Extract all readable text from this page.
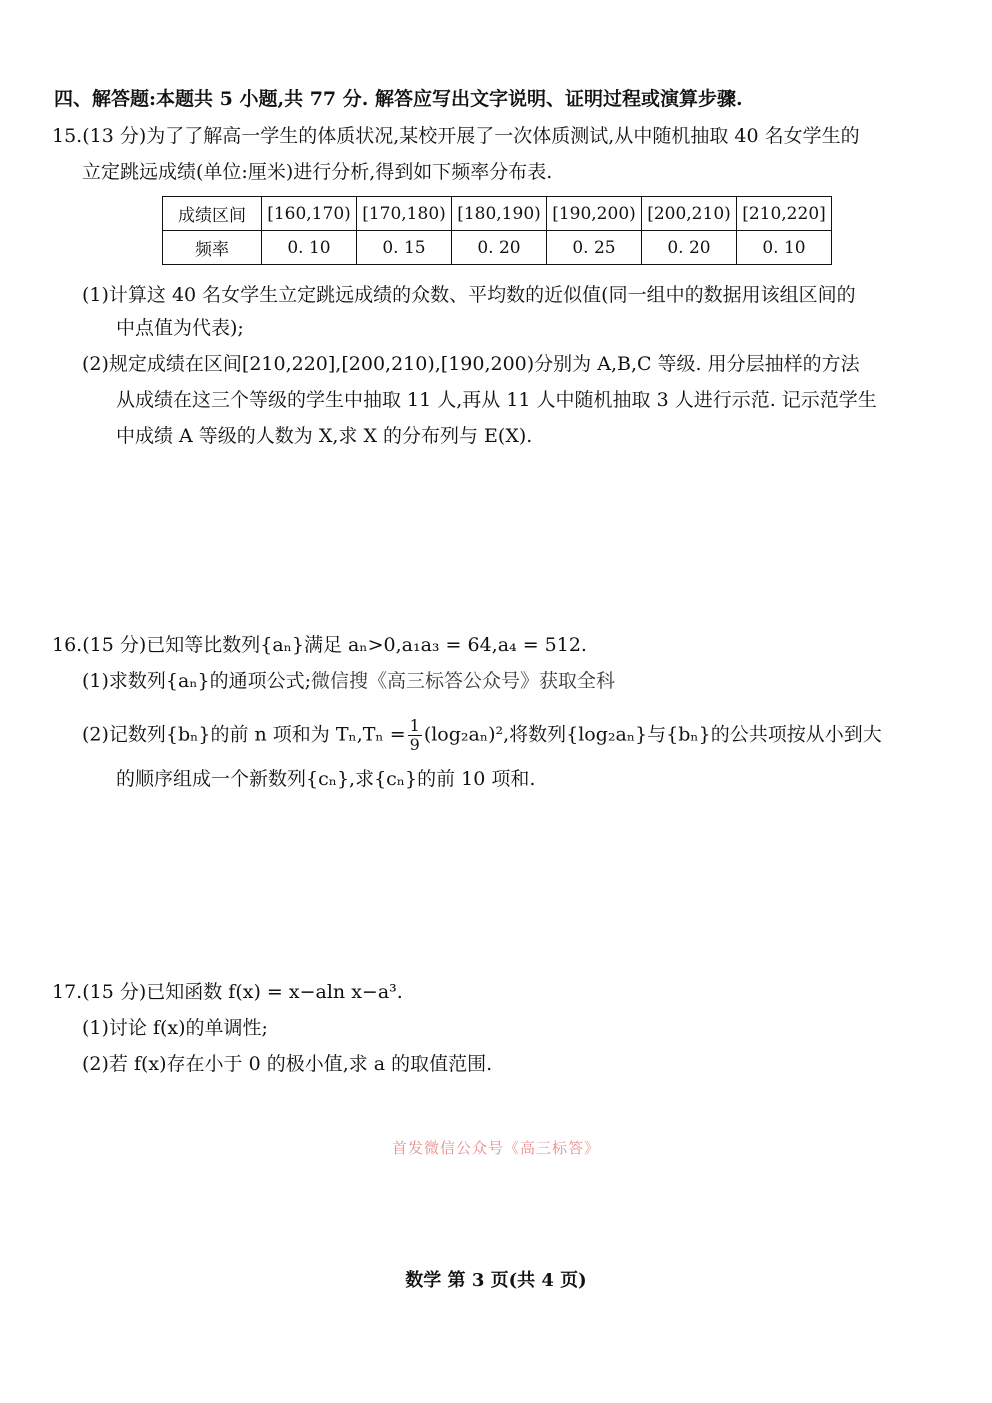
四、解答题:本题共 5 小题,共 77 分. 解答应写出文字说明、证明过程或演算步骤.
15.(13 分)为了了解高一学生的体质状况,某校开展了一次体质测试,从中随机抽取 40 名女学生的
立定跳远成绩(单位:厘米)进行分析,得到如下频率分布表.
成绩区间	[160,170)	[170,180)	[180,190)	[190,200)	[200,210)	[210,220]
频率	0. 10	0. 15	0. 20	0. 25	0. 20	0. 10
(1)计算这 40 名女学生立定跳远成绩的众数、平均数的近似值(同一组中的数据用该组区间的
中点值为代表);
(2)规定成绩在区间[210,220],[200,210),[190,200)分别为 A,B,C 等级. 用分层抽样的方法
从成绩在这三个等级的学生中抽取 11 人,再从 11 人中随机抽取 3 人进行示范. 记示范学生
中成绩 A 等级的人数为 X,求 X 的分布列与 E(X).
16.(15 分)已知等比数列{aₙ}满足 aₙ>0,a₁a₃ = 64,a₄ = 512.
(1)求数列{aₙ}的通项公式;微信搜《高三标答公众号》获取全科
(2)记数列{bₙ}的前 n 项和为 $T_n,T_n = \frac{1}{9} (\log_2a_n)^2$,将数列{log₂aₙ}与{bₙ}的公共项按从小到大
的顺序组成一个新数列{cₙ},求{cₙ}的前 10 项和.
17.(15 分)已知函数 f(x) = x−aln x−a³.
(1)讨论 f(x)的单调性;
(2)若 f(x)存在小于 0 的极小值,求 a 的取值范围.
首发微信公众号《高三标答》
数学 第 3 页(共 4 页)
